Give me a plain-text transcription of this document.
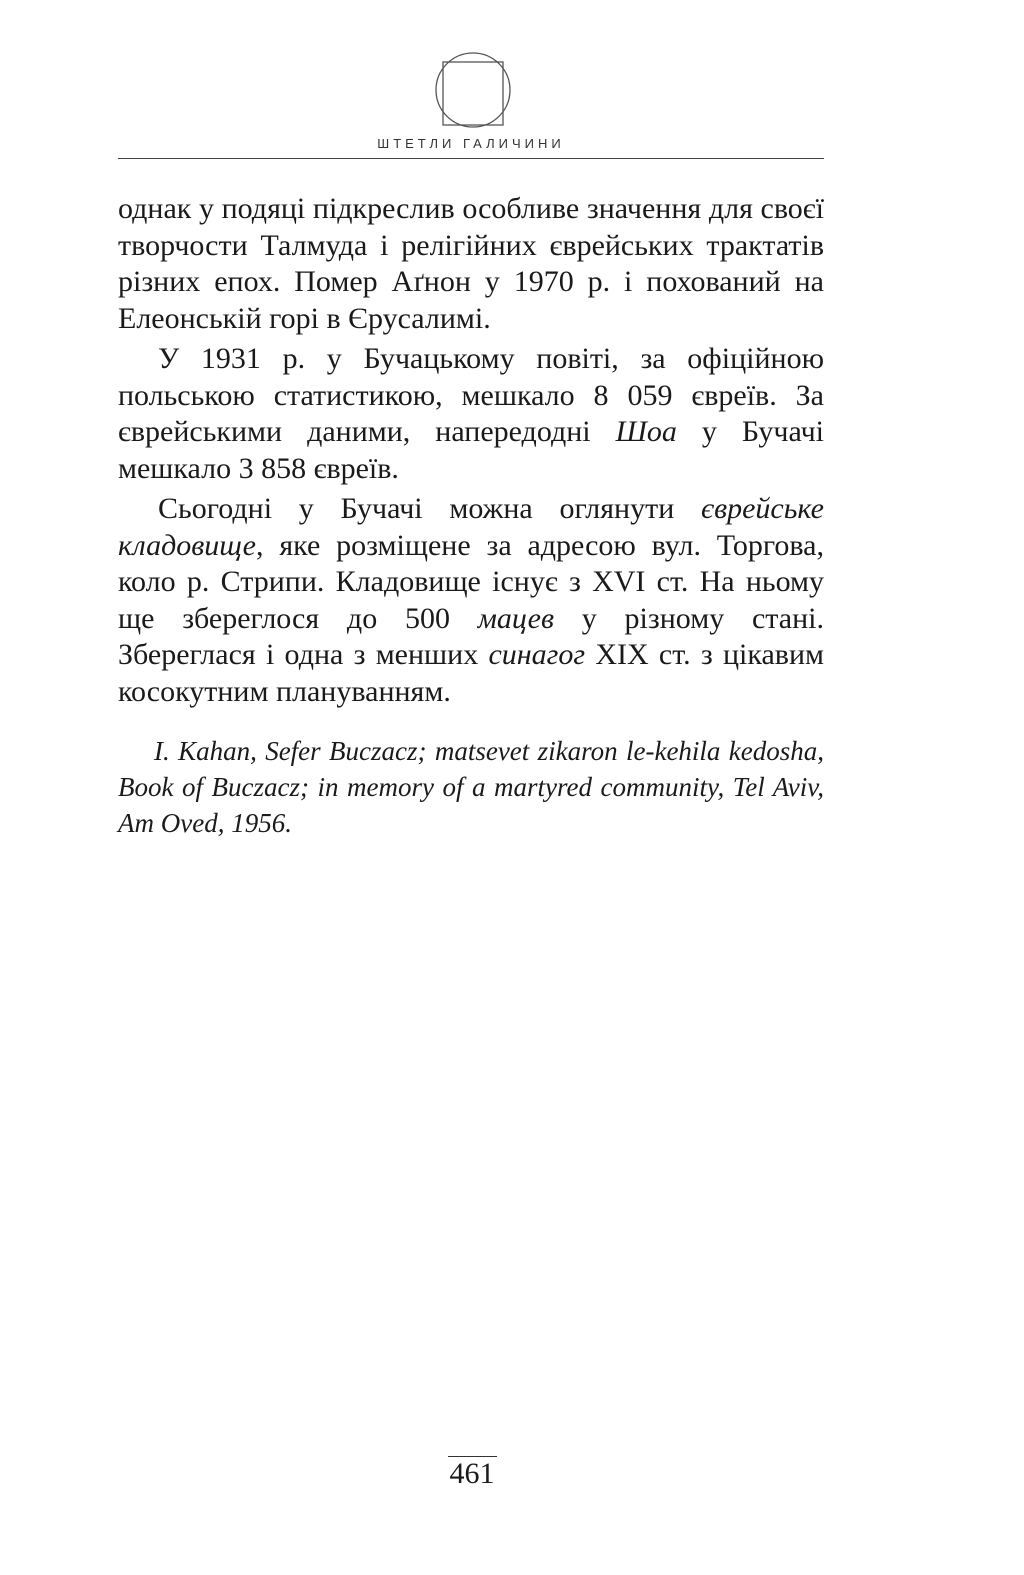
ШТЕТЛИ ГАЛИЧИНИ

однак у подяці підкреслив особливе значення для своєї творчости Талмуда і релігійних єврейських трактатів різних епох. Помер Аґнон у 1970 р. і похований на Елеонській горі в Єрусалимі.

У 1931 р. у Бучацькому повіті, за офіційною польською статистикою, мешкало 8 059 євреїв. За єврейськими даними, напередодні Шоа у Бучачі мешкало 3 858 євреїв.

Сьогодні у Бучачі можна оглянути єврейське кладовище, яке розміщене за адресою вул. Торгова, коло р. Стрипи. Кладовище існує з XVI ст. На ньому ще збереглося до 500 мацев у різному стані. Збереглася і одна з менших синагог XIX ст. з цікавим косокутним плануванням.

I. Kahan, Sefer Buczacz; matsevet zikaron le-kehila kedosha, Book of Buczacz; in memory of a martyred community, Tel Aviv, Am Oved, 1956.

461
